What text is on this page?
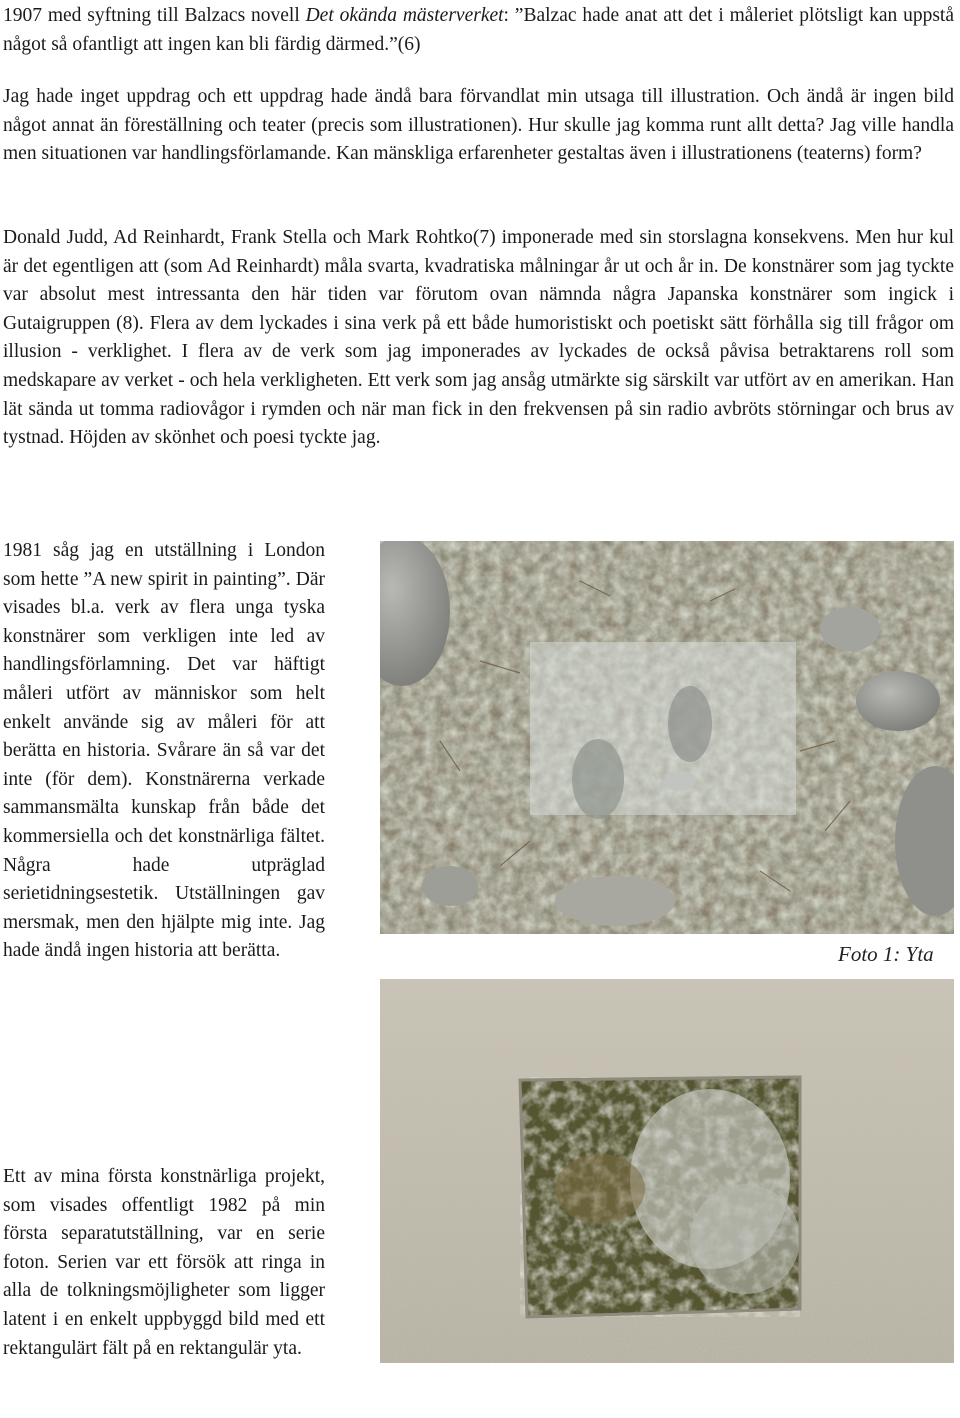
1907 med syftning till Balzacs novell Det okända mästerverket: ”Balzac hade anat att det i måleriet plötsligt kan uppstå något så ofantligt att ingen kan bli färdig därmed.”(6)

Jag hade inget uppdrag och ett uppdrag hade ändå bara förvandlat min utsaga till illustration. Och ändå är ingen bild något annat än föreställning och teater (precis som illustrationen). Hur skulle jag komma runt allt detta? Jag ville handla men situationen var handlingsförlamande. Kan mänskliga erfarenheter gestaltas även i illustrationens (teaterns) form?

Donald Judd, Ad Reinhardt, Frank Stella och Mark Rohtko(7) imponerade med sin storslagna konsekvens. Men hur kul är det egentligen att (som Ad Reinhardt) måla svarta, kvadratiska målningar år ut och år in. De konstnärer som jag tyckte var absolut mest intressanta den här tiden var förutom ovan nämnda några Japanska konstnärer som ingick i Gutaigruppen (8). Flera av dem lyckades i sina verk på ett både humoristiskt och poetiskt sätt förhålla sig till frågor om illusion - verklighet. I flera av de verk som jag imponerades av lyckades de också påvisa betraktarens roll som medskapare av verket - och hela verkligheten. Ett verk som jag ansåg utmärkte sig särskilt var utfört av en amerikan. Han lät sända ut tomma radiovågor i rymden och när man fick in den frekvensen på sin radio avbröts störningar och brus av tystnad. Höjden av skönhet och poesi tyckte jag.

1981 såg jag en utställning i London som hette ”A new spirit in painting”. Där visades bl.a. verk av flera unga tyska konstnärer som verkligen inte led av handlingsförlamning. Det var häftigt måleri utfört av människor som helt enkelt använde sig av måleri för att berätta en historia. Svårare än så var det inte (för dem). Konstnärerna verkade sammansmälta kunskap från både det kommersiella och det konstnärliga fältet. Några hade utpräglad serietidningsestetik. Utställningen gav mersmak, men den hjälpte mig inte. Jag hade ändå ingen historia att berätta.

Ett av mina första konstnärliga projekt, som visades offentligt 1982 på min första separatutställning, var en serie foton. Serien var ett försök att ringa in alla de tolkningsmöjligheter som ligger latent i en enkelt uppbyggd bild med ett rektangulärt fält på en rektangulär yta.

Foto 1: Yta
